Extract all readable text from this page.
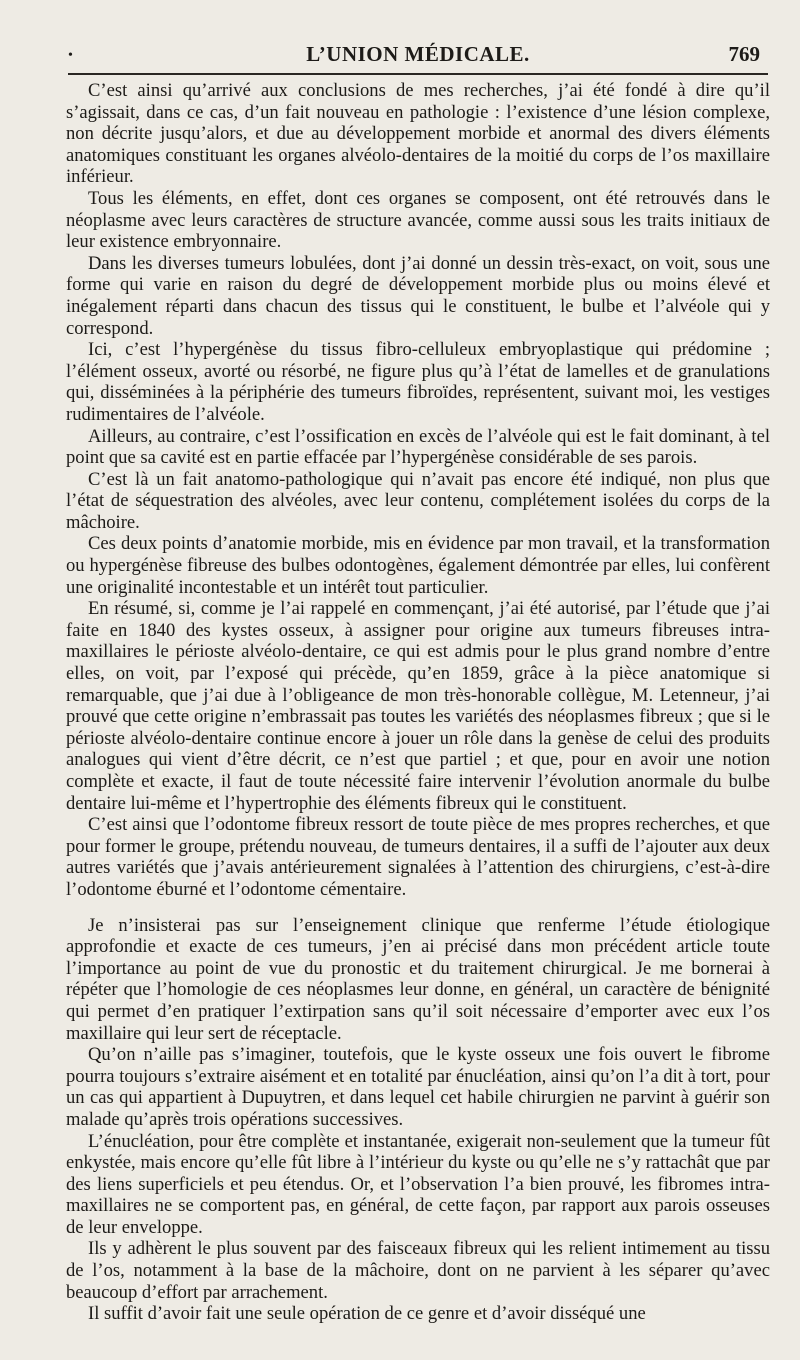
•	L’UNION MÉDICALE.	769

C’est ainsi qu’arrivé aux conclusions de mes recherches, j’ai été fondé à dire qu’il s’agissait, dans ce cas, d’un fait nouveau en pathologie : l’existence d’une lésion complexe, non décrite jusqu’alors, et due au développement morbide et anormal des divers éléments anatomiques constituant les organes alvéolo-dentaires de la moitié du corps de l’os maxillaire inférieur.

Tous les éléments, en effet, dont ces organes se composent, ont été retrouvés dans le néoplasme avec leurs caractères de structure avancée, comme aussi sous les traits initiaux de leur existence embryonnaire.

Dans les diverses tumeurs lobulées, dont j’ai donné un dessin très-exact, on voit, sous une forme qui varie en raison du degré de développement morbide plus ou moins élevé et inégalement réparti dans chacun des tissus qui le constituent, le bulbe et l’alvéole qui y correspond.

Ici, c’est l’hypergénèse du tissus fibro-celluleux embryoplastique qui prédomine ; l’élément osseux, avorté ou résorbé, ne figure plus qu’à l’état de lamelles et de granulations qui, disséminées à la périphérie des tumeurs fibroïdes, représentent, suivant moi, les vestiges rudimentaires de l’alvéole.

Ailleurs, au contraire, c’est l’ossification en excès de l’alvéole qui est le fait dominant, à tel point que sa cavité est en partie effacée par l’hypergénèse considérable de ses parois.

C’est là un fait anatomo-pathologique qui n’avait pas encore été indiqué, non plus que l’état de séquestration des alvéoles, avec leur contenu, complétement isolées du corps de la mâchoire.

Ces deux points d’anatomie morbide, mis en évidence par mon travail, et la transformation ou hypergénèse fibreuse des bulbes odontogènes, également démontrée par elles, lui confèrent une originalité incontestable et un intérêt tout particulier.

En résumé, si, comme je l’ai rappelé en commençant, j’ai été autorisé, par l’étude que j’ai faite en 1840 des kystes osseux, à assigner pour origine aux tumeurs fibreuses intra-maxillaires le périoste alvéolo-dentaire, ce qui est admis pour le plus grand nombre d’entre elles, on voit, par l’exposé qui précède, qu’en 1859, grâce à la pièce anatomique si remarquable, que j’ai due à l’obligeance de mon très-honorable collègue, M. Letenneur, j’ai prouvé que cette origine n’embrassait pas toutes les variétés des néoplasmes fibreux ; que si le périoste alvéolo-dentaire continue encore à jouer un rôle dans la genèse de celui des produits analogues qui vient d’être décrit, ce n’est que partiel ; et que, pour en avoir une notion complète et exacte, il faut de toute nécessité faire intervenir l’évolution anormale du bulbe dentaire lui-même et l’hypertrophie des éléments fibreux qui le constituent.

C’est ainsi que l’odontome fibreux ressort de toute pièce de mes propres recherches, et que pour former le groupe, prétendu nouveau, de tumeurs dentaires, il a suffi de l’ajouter aux deux autres variétés que j’avais antérieurement signalées à l’attention des chirurgiens, c’est-à-dire l’odontome éburné et l’odontome cémentaire.

Je n’insisterai pas sur l’enseignement clinique que renferme l’étude étiologique approfondie et exacte de ces tumeurs, j’en ai précisé dans mon précédent article toute l’importance au point de vue du pronostic et du traitement chirurgical. Je me bornerai à répéter que l’homologie de ces néoplasmes leur donne, en général, un caractère de bénignité qui permet d’en pratiquer l’extirpation sans qu’il soit nécessaire d’emporter avec eux l’os maxillaire qui leur sert de réceptacle.

Qu’on n’aille pas s’imaginer, toutefois, que le kyste osseux une fois ouvert le fibrome pourra toujours s’extraire aisément et en totalité par énucléation, ainsi qu’on l’a dit à tort, pour un cas qui appartient à Dupuytren, et dans lequel cet habile chirurgien ne parvint à guérir son malade qu’après trois opérations successives.

L’énucléation, pour être complète et instantanée, exigerait non-seulement que la tumeur fût enkystée, mais encore qu’elle fût libre à l’intérieur du kyste ou qu’elle ne s’y rattachât que par des liens superficiels et peu étendus. Or, et l’observation l’a bien prouvé, les fibromes intra-maxillaires ne se comportent pas, en général, de cette façon, par rapport aux parois osseuses de leur enveloppe.

Ils y adhèrent le plus souvent par des faisceaux fibreux qui les relient intimement au tissu de l’os, notamment à la base de la mâchoire, dont on ne parvient à les séparer qu’avec beaucoup d’effort par arrachement.

Il suffit d’avoir fait une seule opération de ce genre et d’avoir disséqué une
